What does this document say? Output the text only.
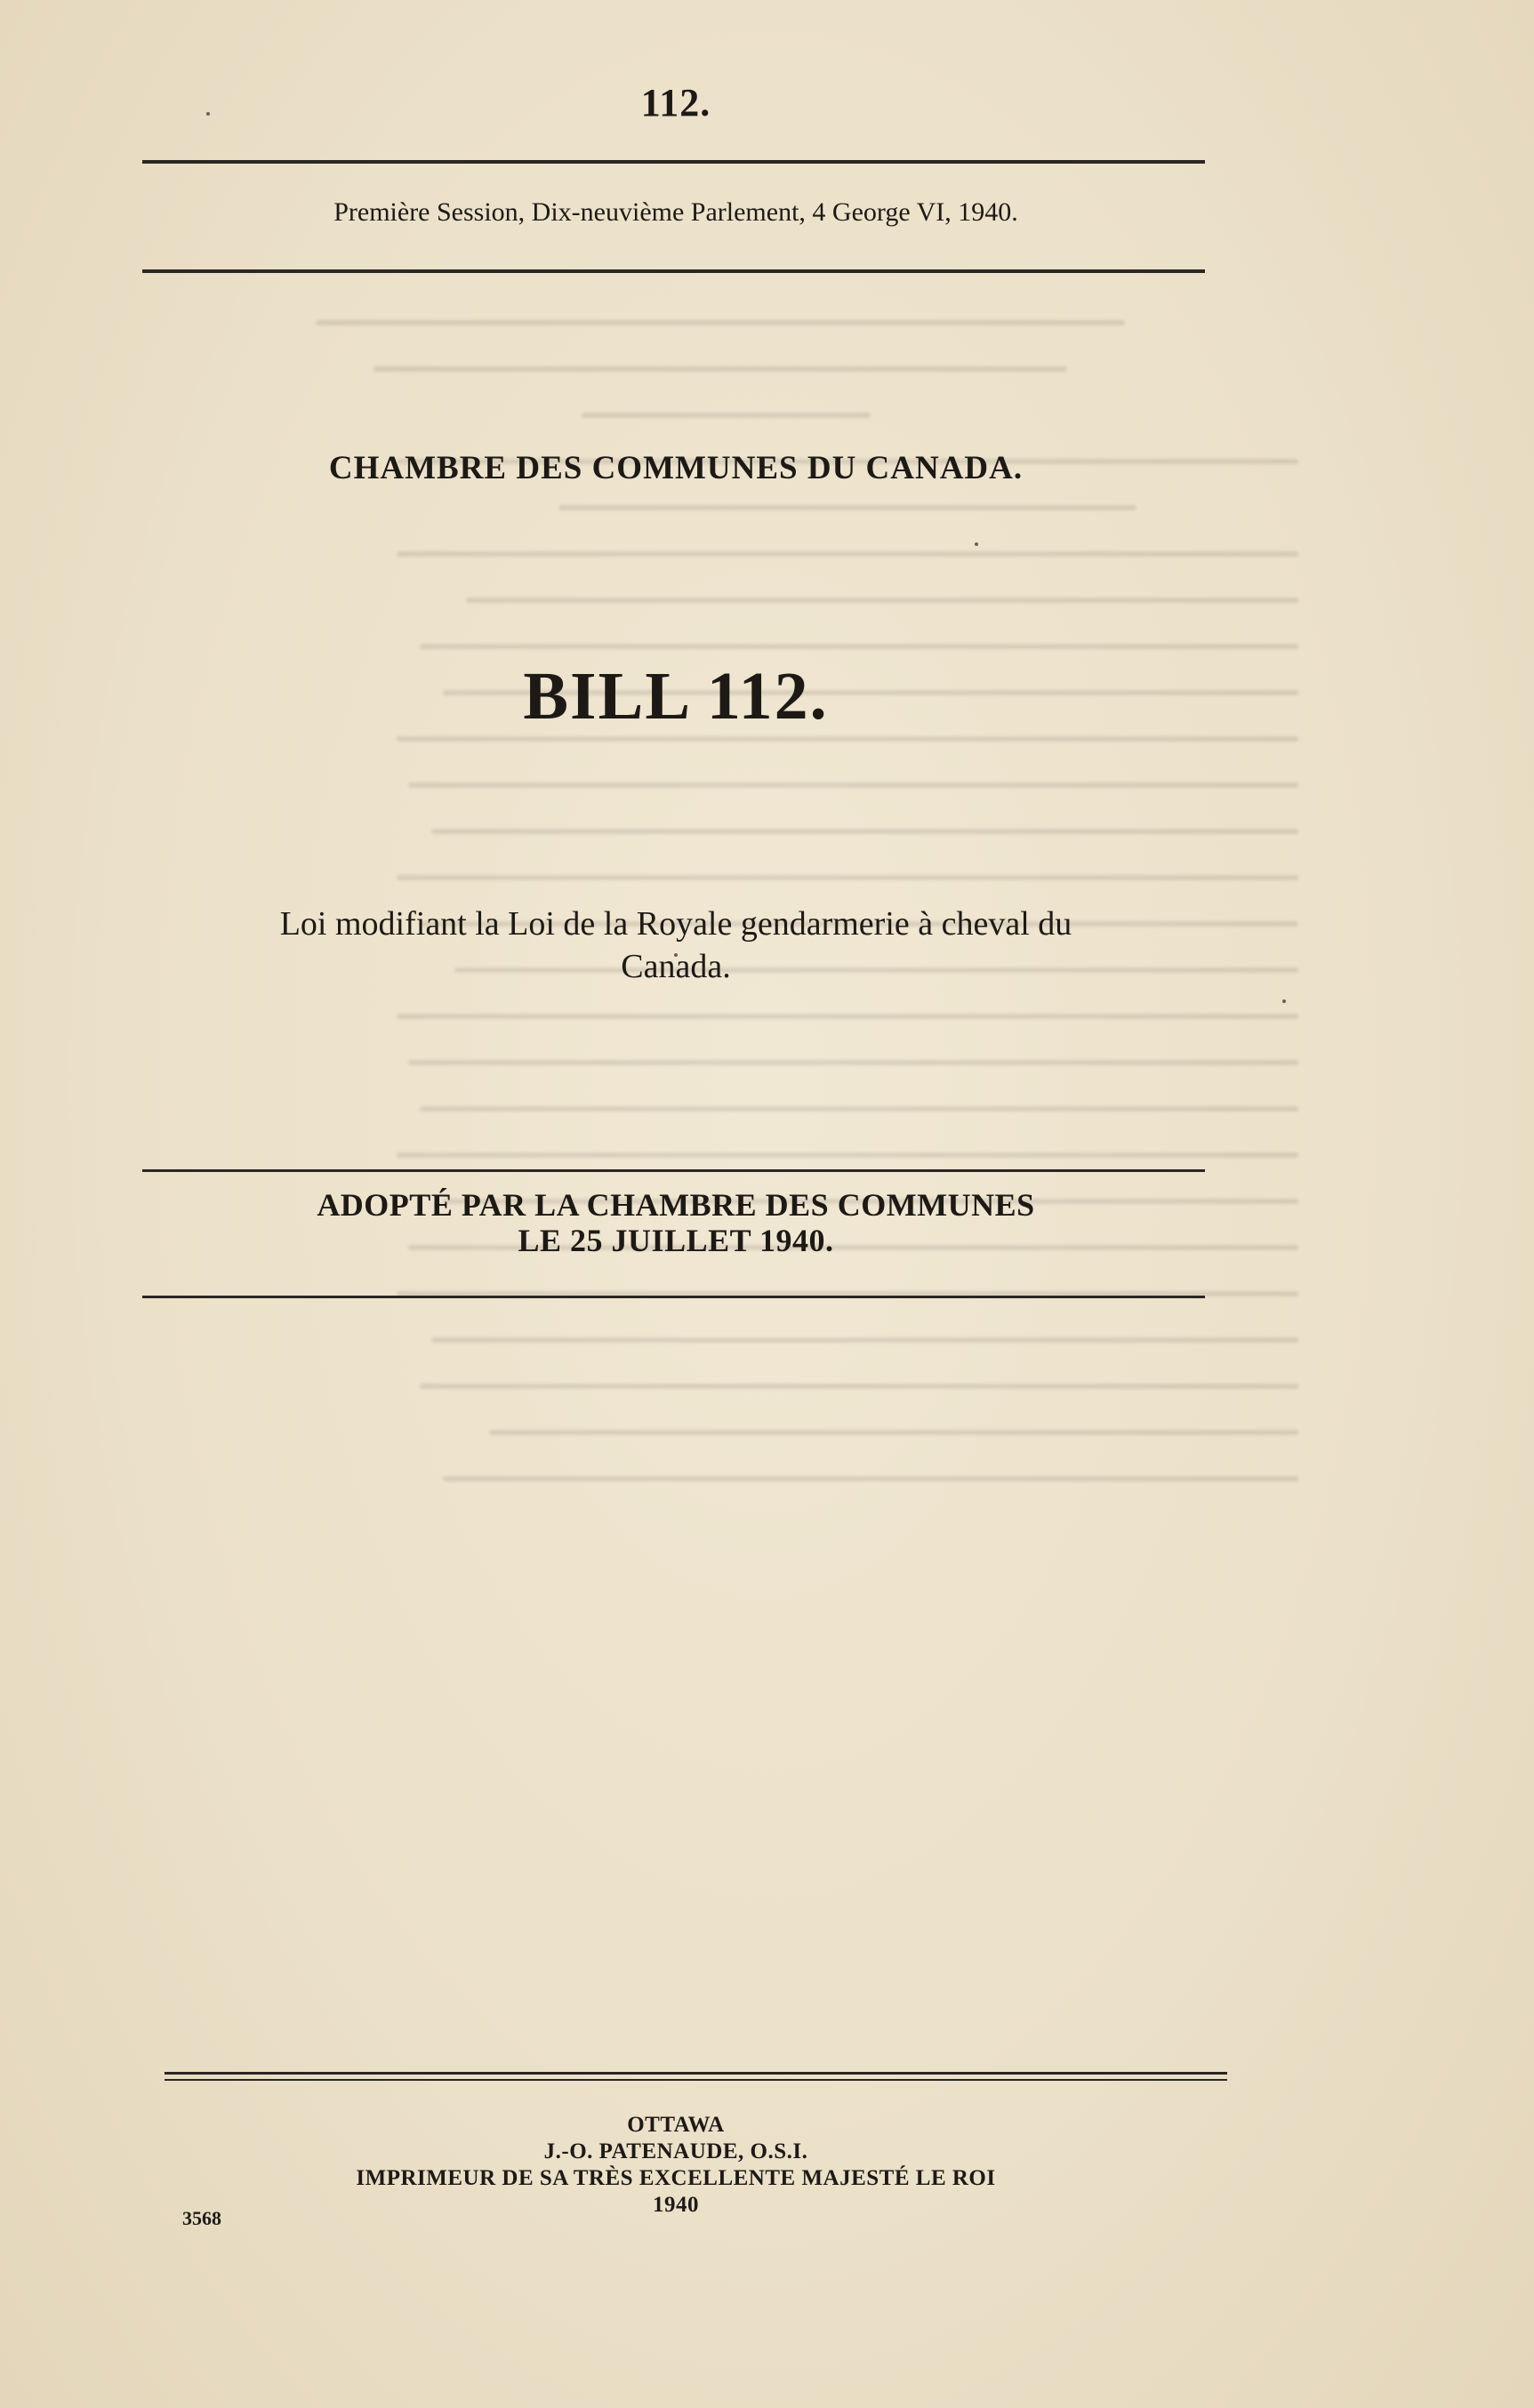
112.
Première Session, Dix-neuvième Parlement, 4 George VI, 1940.
CHAMBRE DES COMMUNES DU CANADA.
BILL 112.
Loi modifiant la Loi de la Royale gendarmerie à cheval du
Canada.
ADOPTÉ PAR LA CHAMBRE DES COMMUNES
LE 25 JUILLET 1940.
OTTAWA
J.-O. PATENAUDE, O.S.I.
IMPRIMEUR DE SA TRÈS EXCELLENTE MAJESTÉ LE ROI
1940
3568
